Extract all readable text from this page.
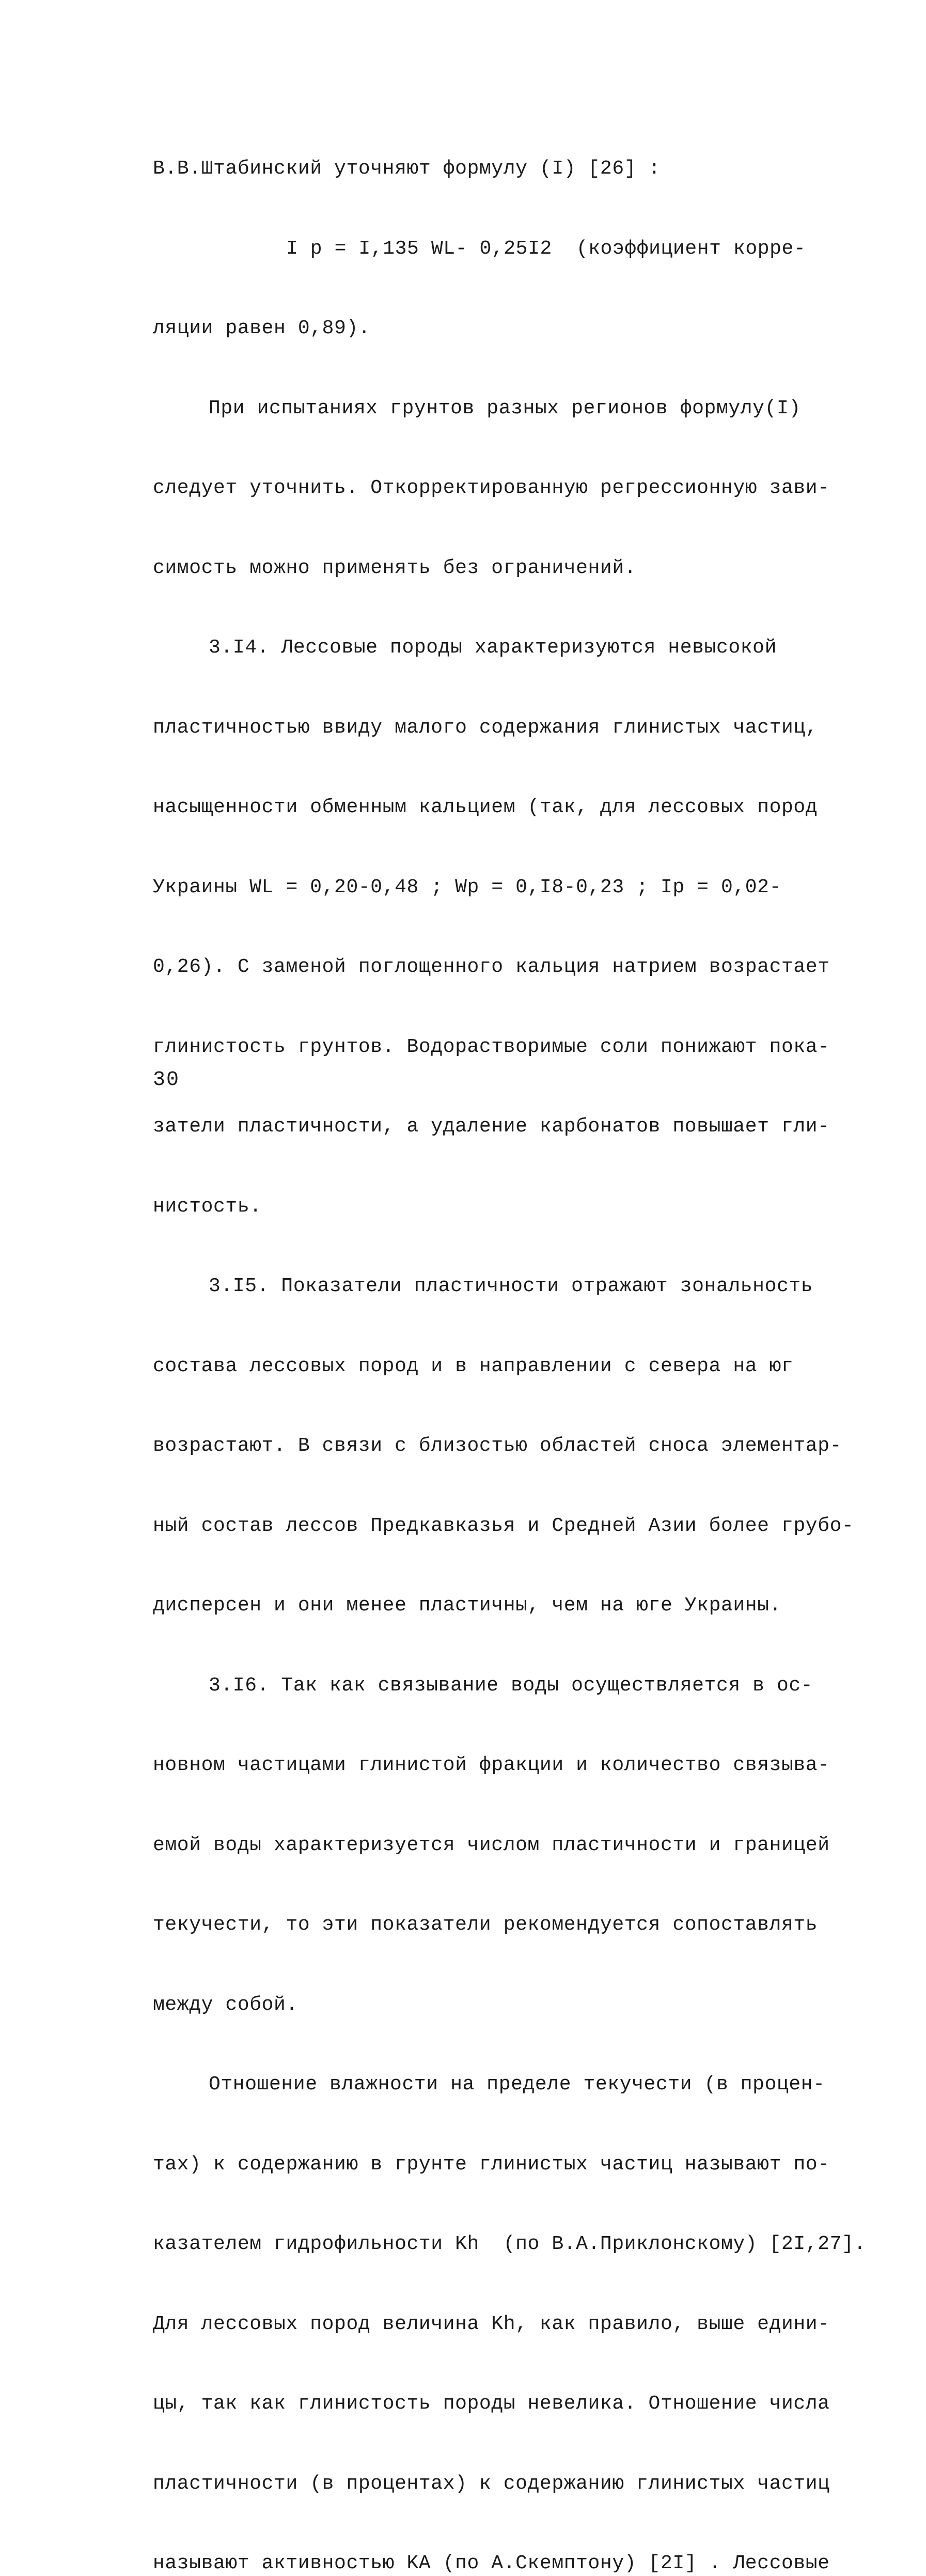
В.В.Штабинский уточняют формулу (I) [26] :

I p = I,135 WL- 0,25I2  (коэффициент корре-

ляции равен 0,89).

При испытаниях грунтов разных регионов формулу(I)

следует уточнить. Откорректированную регрессионную зави-

симость можно применять без ограничений.

3.I4. Лессовые породы характеризуются невысокой

пластичностью ввиду малого содержания глинистых частиц,

насыщенности обменным кальцием (так, для лессовых пород

Украины WL = 0,20-0,48 ; Wp = 0,I8-0,23 ; Ip = 0,02-

0,26). С заменой поглощенного кальция натрием возрастает

глинистость грунтов. Водорастворимые соли понижают пока-

затели пластичности, а удаление карбонатов повышает гли-

нистость.

3.I5. Показатели пластичности отражают зональность

состава лессовых пород и в направлении с севера на юг

возрастают. В связи с близостью областей сноса элементар-

ный состав лессов Предкавказья и Средней Азии более грубо-

дисперсен и они менее пластичны, чем на юге Украины.

3.I6. Так как связывание воды осуществляется в ос-

новном частицами глинистой фракции и количество связыва-

емой воды характеризуется числом пластичности и границей

текучести, то эти показатели рекомендуется сопоставлять

между собой.

Отношение влажности на пределе текучести (в процен-

тах) к содержанию в грунте глинистых частиц называют по-

казателем гидрофильности Kh  (по В.А.Приклонскому) [2I,27].

Для лессовых пород величина Kh, как правило, выше едини-

цы, так как глинистость породы невелика. Отношение числа

пластичности (в процентах) к содержанию глинистых частиц

называют активностью KA (по А.Скемптону) [2I] . Лессовые

30
